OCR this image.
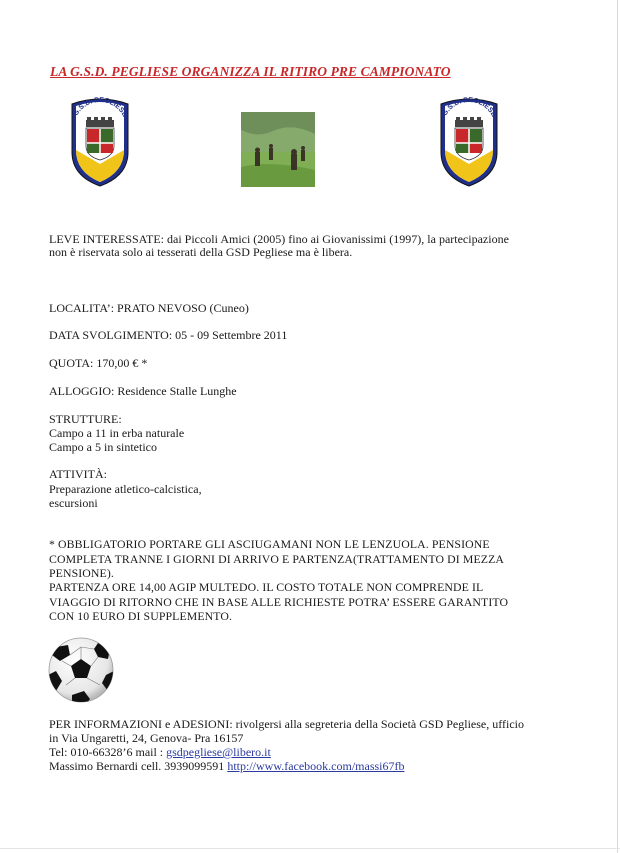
LA G.S.D. PEGLIESE ORGANIZZA IL RITIRO PRE CAMPIONATO
G.S.D. PEGLIESE	G.S.D. PEGLIESE
LEVE INTERESSATE: dai Piccoli Amici (2005) fino ai Giovanissimi (1997), la partecipazione
non è riservata solo ai tesserati della GSD Pegliese ma è libera.
LOCALITA’: PRATO NEVOSO (Cuneo)
DATA SVOLGIMENTO: 05 - 09 Settembre 2011
QUOTA: 170,00 € *
ALLOGGIO: Residence Stalle Lunghe
STRUTTURE:
Campo a 11 in erba naturale
Campo a 5 in sintetico
ATTIVITÀ:
Preparazione atletico-calcistica,
escursioni
* OBBLIGATORIO PORTARE GLI ASCIUGAMANI NON LE LENZUOLA. PENSIONE
COMPLETA TRANNE I GIORNI DI ARRIVO E PARTENZA(TRATTAMENTO DI MEZZA
PENSIONE).
PARTENZA ORE 14,00 AGIP MULTEDO. IL COSTO TOTALE NON COMPRENDE IL
VIAGGIO DI RITORNO CHE IN BASE ALLE RICHIESTE POTRA’ ESSERE GARANTITO
CON 10 EURO DI SUPPLEMENTO.
PER INFORMAZIONI e ADESIONI: rivolgersi alla segreteria della Società GSD Pegliese, ufficio
in Via Ungaretti, 24, Genova- Pra 16157
Tel: 010-66328’6 mail : gsdpegliese@libero.it
Massimo Bernardi cell. 3939099591 http://www.facebook.com/massi67fb
